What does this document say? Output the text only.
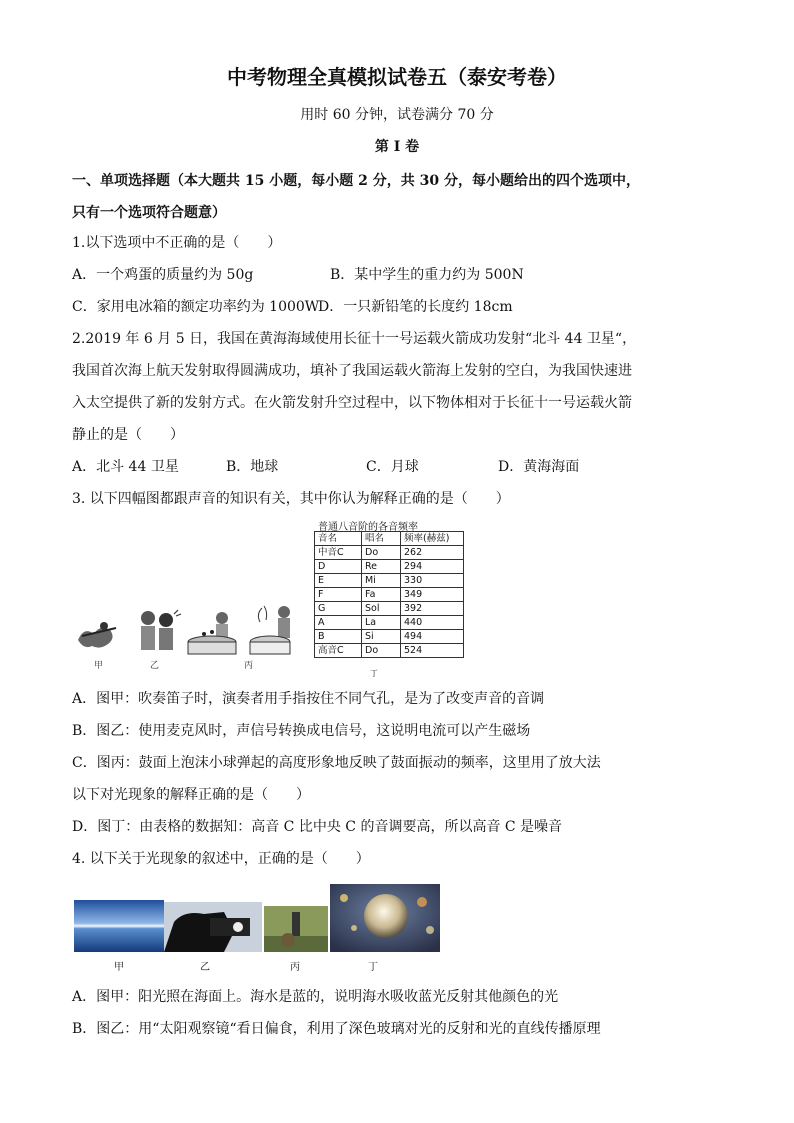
中考物理全真模拟试卷五（泰安考卷）
用时 60 分钟，试卷满分 70 分
第 I 卷
一、单项选择题（本大题共 15 小题，每小题 2 分，共 30 分，每小题给出的四个选项中，
只有一个选项符合题意）
1.以下选项中不正确的是（　　）
A．一个鸡蛋的质量约为 50g	B．某中学生的重力约为 500N
C．家用电冰箱的额定功率约为 1000W
D．一只新铅笔的长度约 18cm
2.2019 年 6 月 5 日，我国在黄海海域使用长征十一号运载火箭成功发射“北斗 44 卫星“，
我国首次海上航天发射取得圆满成功，填补了我国运载火箭海上发射的空白，为我国快速进
入太空提供了新的发射方式。在火箭发射升空过程中，以下物体相对于长征十一号运载火箭
静止的是（　　）
A．北斗 44 卫星	B．地球	C．月球	D．黄海海面
3. 以下四幅图都跟声音的知识有关，其中你认为解释正确的是（　　）
甲	乙	丙
普通八音阶的各音频率
音名	唱名	频率(赫兹)
中音C	Do	262
D	Re	294
E	Mi	330
F	Fa	349
G	Sol	392
A	La	440
B	Si	494
高音C	Do	524
丁
A．图甲：吹奏笛子时，演奏者用手指按住不同气孔，是为了改变声音的音调
B．图乙：使用麦克风时，声信号转换成电信号，这说明电流可以产生磁场
C．图丙：鼓面上泡沫小球弹起的高度形象地反映了鼓面振动的频率，这里用了放大法
以下对光现象的解释正确的是（　　）
D．图丁：由表格的数据知：高音 C 比中央 C 的音调要高，所以高音 C 是噪音
4. 以下关于光现象的叙述中，正确的是（　　）
甲	乙	丙	丁
A．图甲：阳光照在海面上。海水是蓝的，说明海水吸收蓝光反射其他颜色的光
B．图乙：用“太阳观察镜“看日偏食，利用了深色玻璃对光的反射和光的直线传播原理
